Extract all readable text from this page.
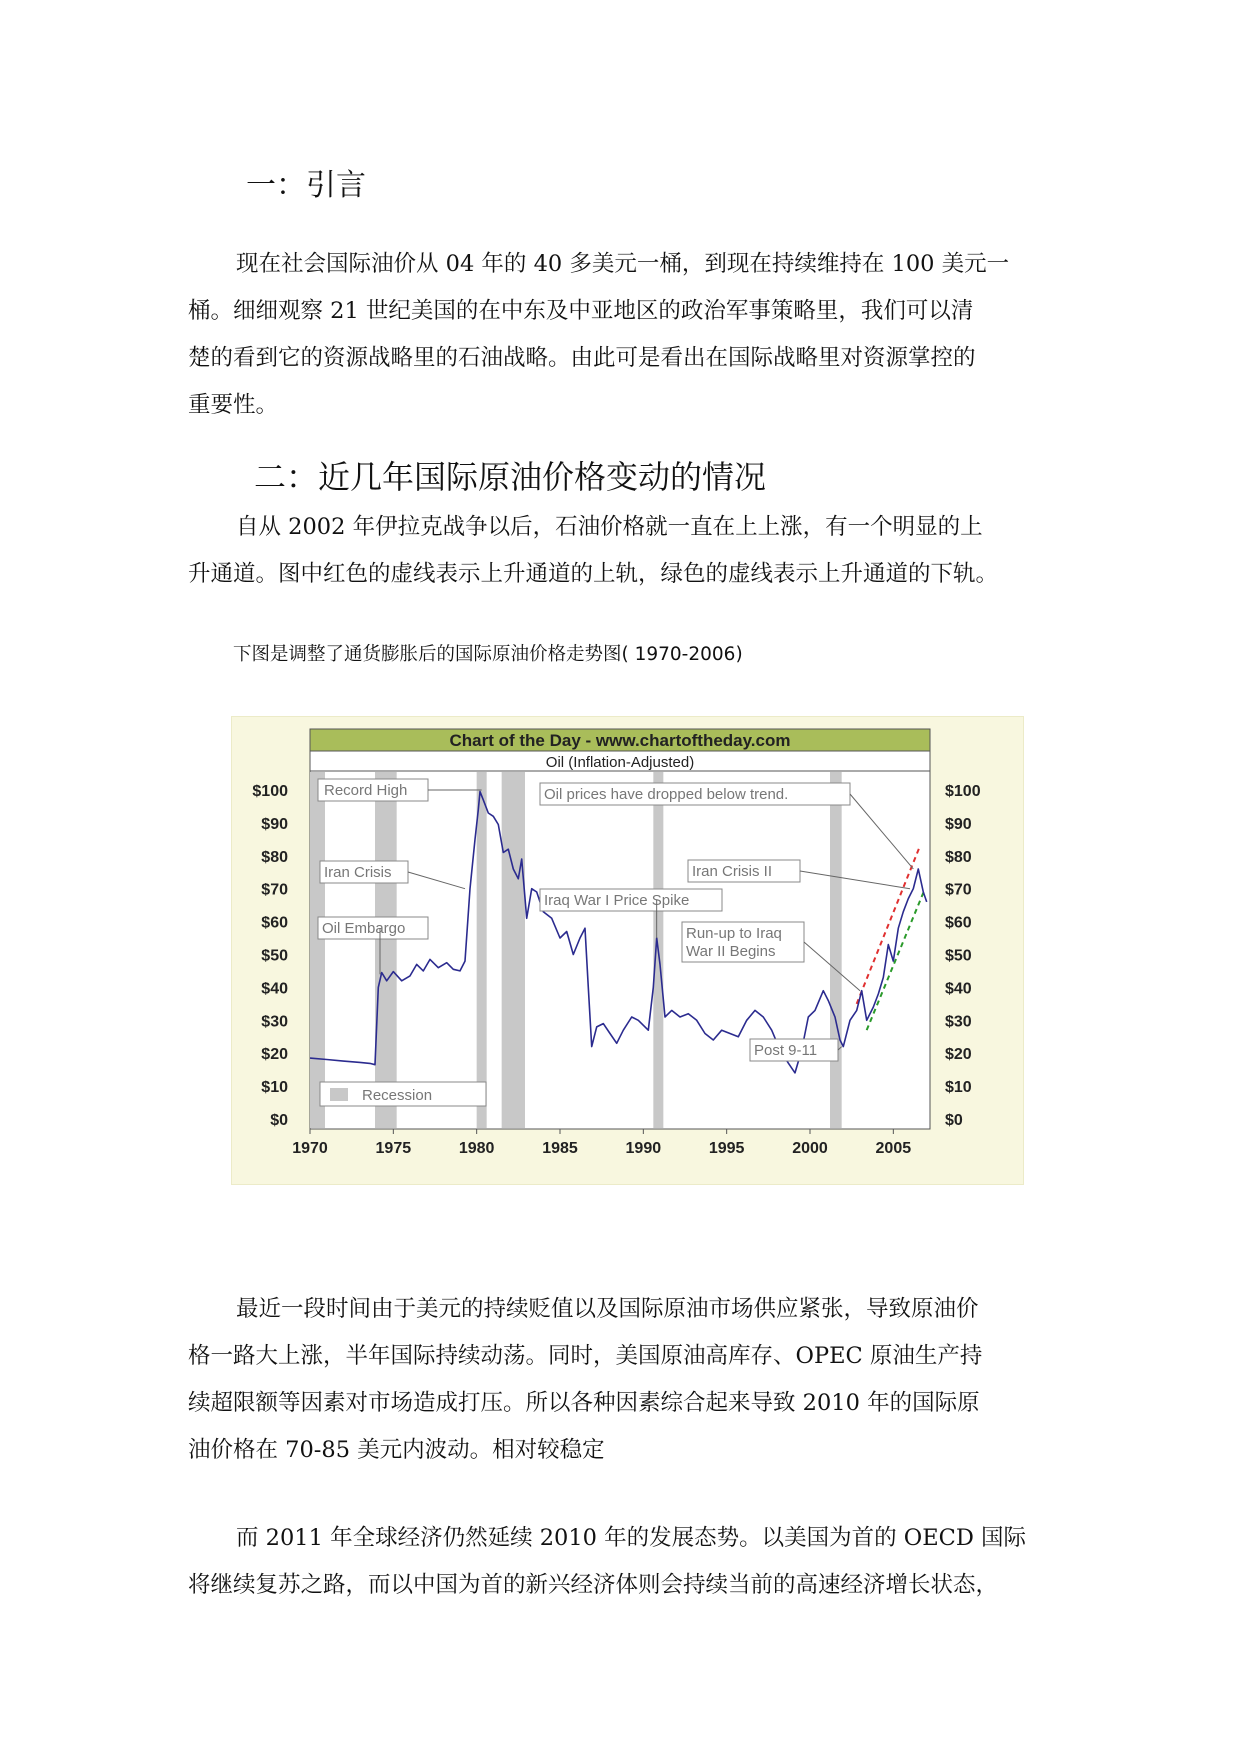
一：引言
现在社会国际油价从 04 年的 40 多美元一桶，到现在持续维持在 100 美元一
桶。细细观察 21 世纪美国的在中东及中亚地区的政治军事策略里，我们可以清
楚的看到它的资源战略里的石油战略。由此可是看出在国际战略里对资源掌控的
重要性。
二：近几年国际原油价格变动的情况
自从 2002 年伊拉克战争以后，石油价格就一直在上上涨，有一个明显的上
升通道。图中红色的虚线表示上升通道的上轨，绿色的虚线表示上升通道的下轨。
下图是调整了通货膨胀后的国际原油价格走势图( 1970-2006)
Chart of the Day - www.chartoftheday.com
Oil (Inflation-Adjusted)
Record High	Oil prices have dropped below trend.
Iran Crisis	Iran Crisis II
Iraq War I Price Spike
Oil Embargo	Run-up to Iraq
War II Begins
Post 9-11
Recession
$0
$10
$20
$30
$40
$50
$60
$70
$80
$90
$100
$0
$10
$20
$30
$40
$50
$60
$70
$80
$90
$100
1970	1975	1980	1985	1990	1995	2000	2005
最近一段时间由于美元的持续贬值以及国际原油市场供应紧张，导致原油价
格一路大上涨，半年国际持续动荡。同时，美国原油高库存、OPEC 原油生产持
续超限额等因素对市场造成打压。所以各种因素综合起来导致 2010 年的国际原
油价格在 70-85 美元内波动。相对较稳定
而 2011 年全球经济仍然延续 2010 年的发展态势。以美国为首的 OECD 国际
将继续复苏之路，而以中国为首的新兴经济体则会持续当前的高速经济增长状态，
